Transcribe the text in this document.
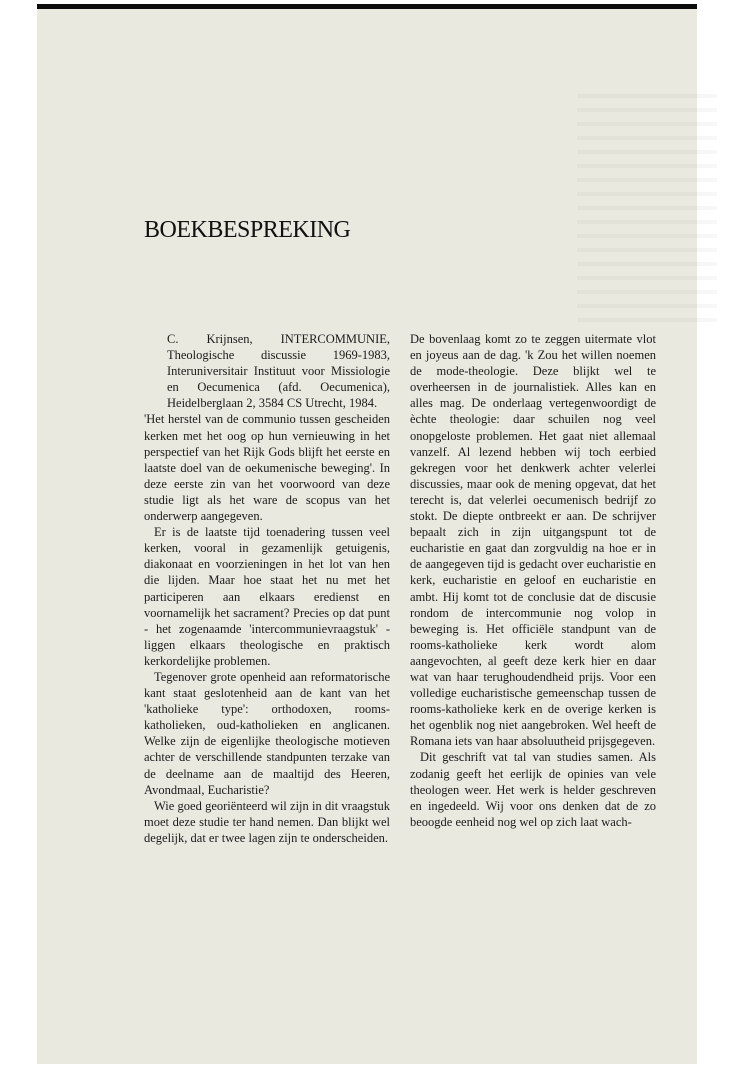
BOEKBESPREKING

C. Krijnsen, INTERCOMMUNIE, Theologische discussie 1969-1983, Interuniversitair Instituut voor Missiologie en Oecumenica (afd. Oecumenica), Heidelberglaan 2, 3584 CS Utrecht, 1984.

'Het herstel van de communio tussen gescheiden kerken met het oog op hun vernieuwing in het perspectief van het Rijk Gods blijft het eerste en laatste doel van de oekumenische beweging'. In deze eerste zin van het voorwoord van deze studie ligt als het ware de scopus van het onderwerp aangegeven.

Er is de laatste tijd toenadering tussen veel kerken, vooral in gezamenlijk getuigenis, diakonaat en voorzieningen in het lot van hen die lijden. Maar hoe staat het nu met het participeren aan elkaars eredienst en voornamelijk het sacrament? Precies op dat punt - het zogenaamde 'intercommunievraagstuk' - liggen elkaars theologische en praktisch kerkordelijke problemen.

Tegenover grote openheid aan reformatorische kant staat geslotenheid aan de kant van het 'katholieke type': orthodoxen, rooms-katholieken, oud-katholieken en anglicanen. Welke zijn de eigenlijke theologische motieven achter de verschillende standpunten terzake van de deelname aan de maaltijd des Heeren, Avondmaal, Eucharistie?

Wie goed georiënteerd wil zijn in dit vraagstuk moet deze studie ter hand nemen. Dan blijkt wel degelijk, dat er twee lagen zijn te onderscheiden.

De bovenlaag komt zo te zeggen uitermate vlot en joyeus aan de dag. 'k Zou het willen noemen de mode-theologie. Deze blijkt wel te overheersen in de journalistiek. Alles kan en alles mag. De onderlaag vertegenwoordigt de èchte theologie: daar schuilen nog veel onopgeloste problemen. Het gaat niet allemaal vanzelf. Al lezend hebben wij toch eerbied gekregen voor het denkwerk achter velerlei discussies, maar ook de mening opgevat, dat het terecht is, dat velerlei oecumenisch bedrijf zo stokt. De diepte ontbreekt er aan. De schrijver bepaalt zich in zijn uitgangspunt tot de eucharistie en gaat dan zorgvuldig na hoe er in de aangegeven tijd is gedacht over eucharistie en kerk, eucharistie en geloof en eucharistie en ambt. Hij komt tot de conclusie dat de discusie rondom de intercommunie nog volop in beweging is. Het officiële standpunt van de rooms-katholieke kerk wordt alom aangevochten, al geeft deze kerk hier en daar wat van haar terughoudendheid prijs. Voor een volledige eucharistische gemeenschap tussen de rooms-katholieke kerk en de overige kerken is het ogenblik nog niet aangebroken. Wel heeft de Romana iets van haar absoluutheid prijsgegeven.

Dit geschrift vat tal van studies samen. Als zodanig geeft het eerlijk de opinies van vele theologen weer. Het werk is helder geschreven en ingedeeld. Wij voor ons denken dat de zo beoogde eenheid nog wel op zich laat wach-
